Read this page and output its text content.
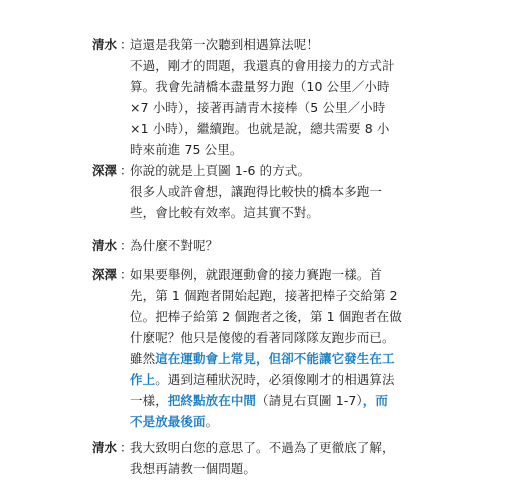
清水 ：
這還是我第一次聽到相遇算法呢！
不過，剛才的問題，我還真的會用接力的方式計
算。我會先請橋本盡量努力跑（10 公里／小時
×7 小時），接著再請青木接棒（5 公里／小時
×1 小時），繼續跑。也就是說，總共需要 8 小
時來前進 75 公里。
深澤 ：
你說的就是上頁圖 1-6 的方式。
很多人或許會想，讓跑得比較快的橋本多跑一
些，會比較有效率。這其實不對。
清水 ：
為什麼不對呢？
深澤 ：
如果要舉例，就跟運動會的接力賽跑一樣。首
先，第 1 個跑者開始起跑，接著把棒子交給第 2
位。把棒子給第 2 個跑者之後，第 1 個跑者在做
什麼呢？他只是傻傻的看著同隊隊友跑步而已。
雖然這在運動會上常見，但卻不能讓它發生在工
作上。遇到這種狀況時，必須像剛才的相遇算法
一樣，把終點放在中間（請見右頁圖 1-7），而
不是放最後面。
清水 ：
我大致明白您的意思了。不過為了更徹底了解，
我想再請教一個問題。
